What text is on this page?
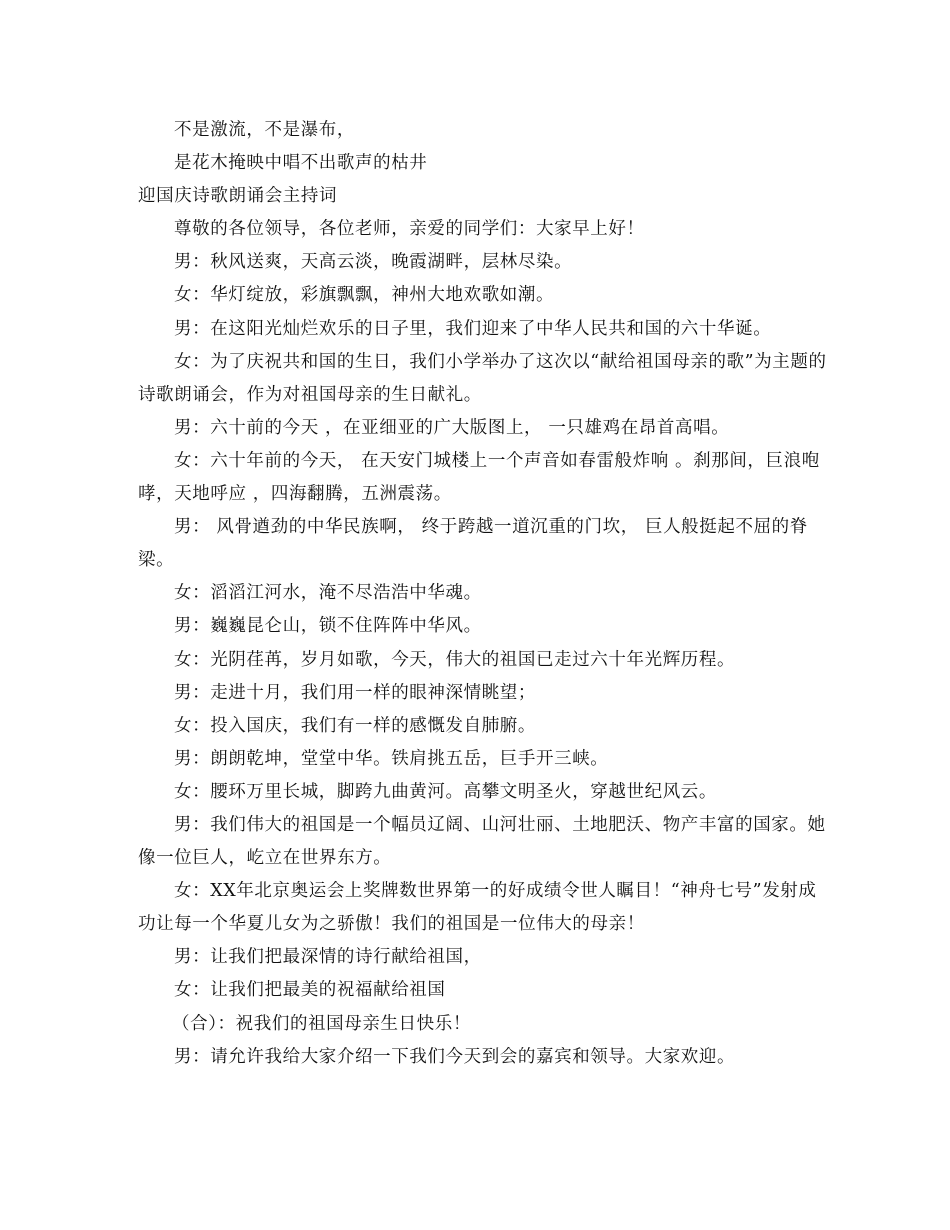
不是激流，不是瀑布，

是花木掩映中唱不出歌声的枯井

迎国庆诗歌朗诵会主持词

尊敬的各位领导，各位老师，亲爱的同学们：大家早上好！

男：秋风送爽，天高云淡，晚霞湖畔，层林尽染。

女：华灯绽放，彩旗飘飘，神州大地欢歌如潮。

男：在这阳光灿烂欢乐的日子里，我们迎来了中华人民共和国的六十华诞。

女：为了庆祝共和国的生日，我们小学举办了这次以“献给祖国母亲的歌”为主题的诗歌朗诵会，作为对祖国母亲的生日献礼。

男：六十前的今天 ，在亚细亚的广大版图上， 一只雄鸡在昂首高唱。

女：六十年前的今天， 在天安门城楼上一个声音如春雷般炸响 。刹那间，巨浪咆哮，天地呼应 ，四海翻腾，五洲震荡。

男： 风骨遒劲的中华民族啊， 终于跨越一道沉重的门坎， 巨人般挺起不屈的脊梁。

女：滔滔江河水，淹不尽浩浩中华魂。

男：巍巍昆仑山，锁不住阵阵中华风。

女：光阴荏苒，岁月如歌，今天，伟大的祖国已走过六十年光辉历程。

男：走进十月，我们用一样的眼神深情眺望；

女：投入国庆，我们有一样的感慨发自肺腑。

男：朗朗乾坤，堂堂中华。铁肩挑五岳，巨手开三峡。

女：腰环万里长城，脚跨九曲黄河。高攀文明圣火，穿越世纪风云。

男：我们伟大的祖国是一个幅员辽阔、山河壮丽、土地肥沃、物产丰富的国家。她像一位巨人，屹立在世界东方。

女：XX年北京奥运会上奖牌数世界第一的好成绩令世人瞩目！“神舟七号”发射成功让每一个华夏儿女为之骄傲！我们的祖国是一位伟大的母亲！

男：让我们把最深情的诗行献给祖国，

女：让我们把最美的祝福献给祖国

（合）：祝我们的祖国母亲生日快乐！

男：请允许我给大家介绍一下我们今天到会的嘉宾和领导。大家欢迎。
